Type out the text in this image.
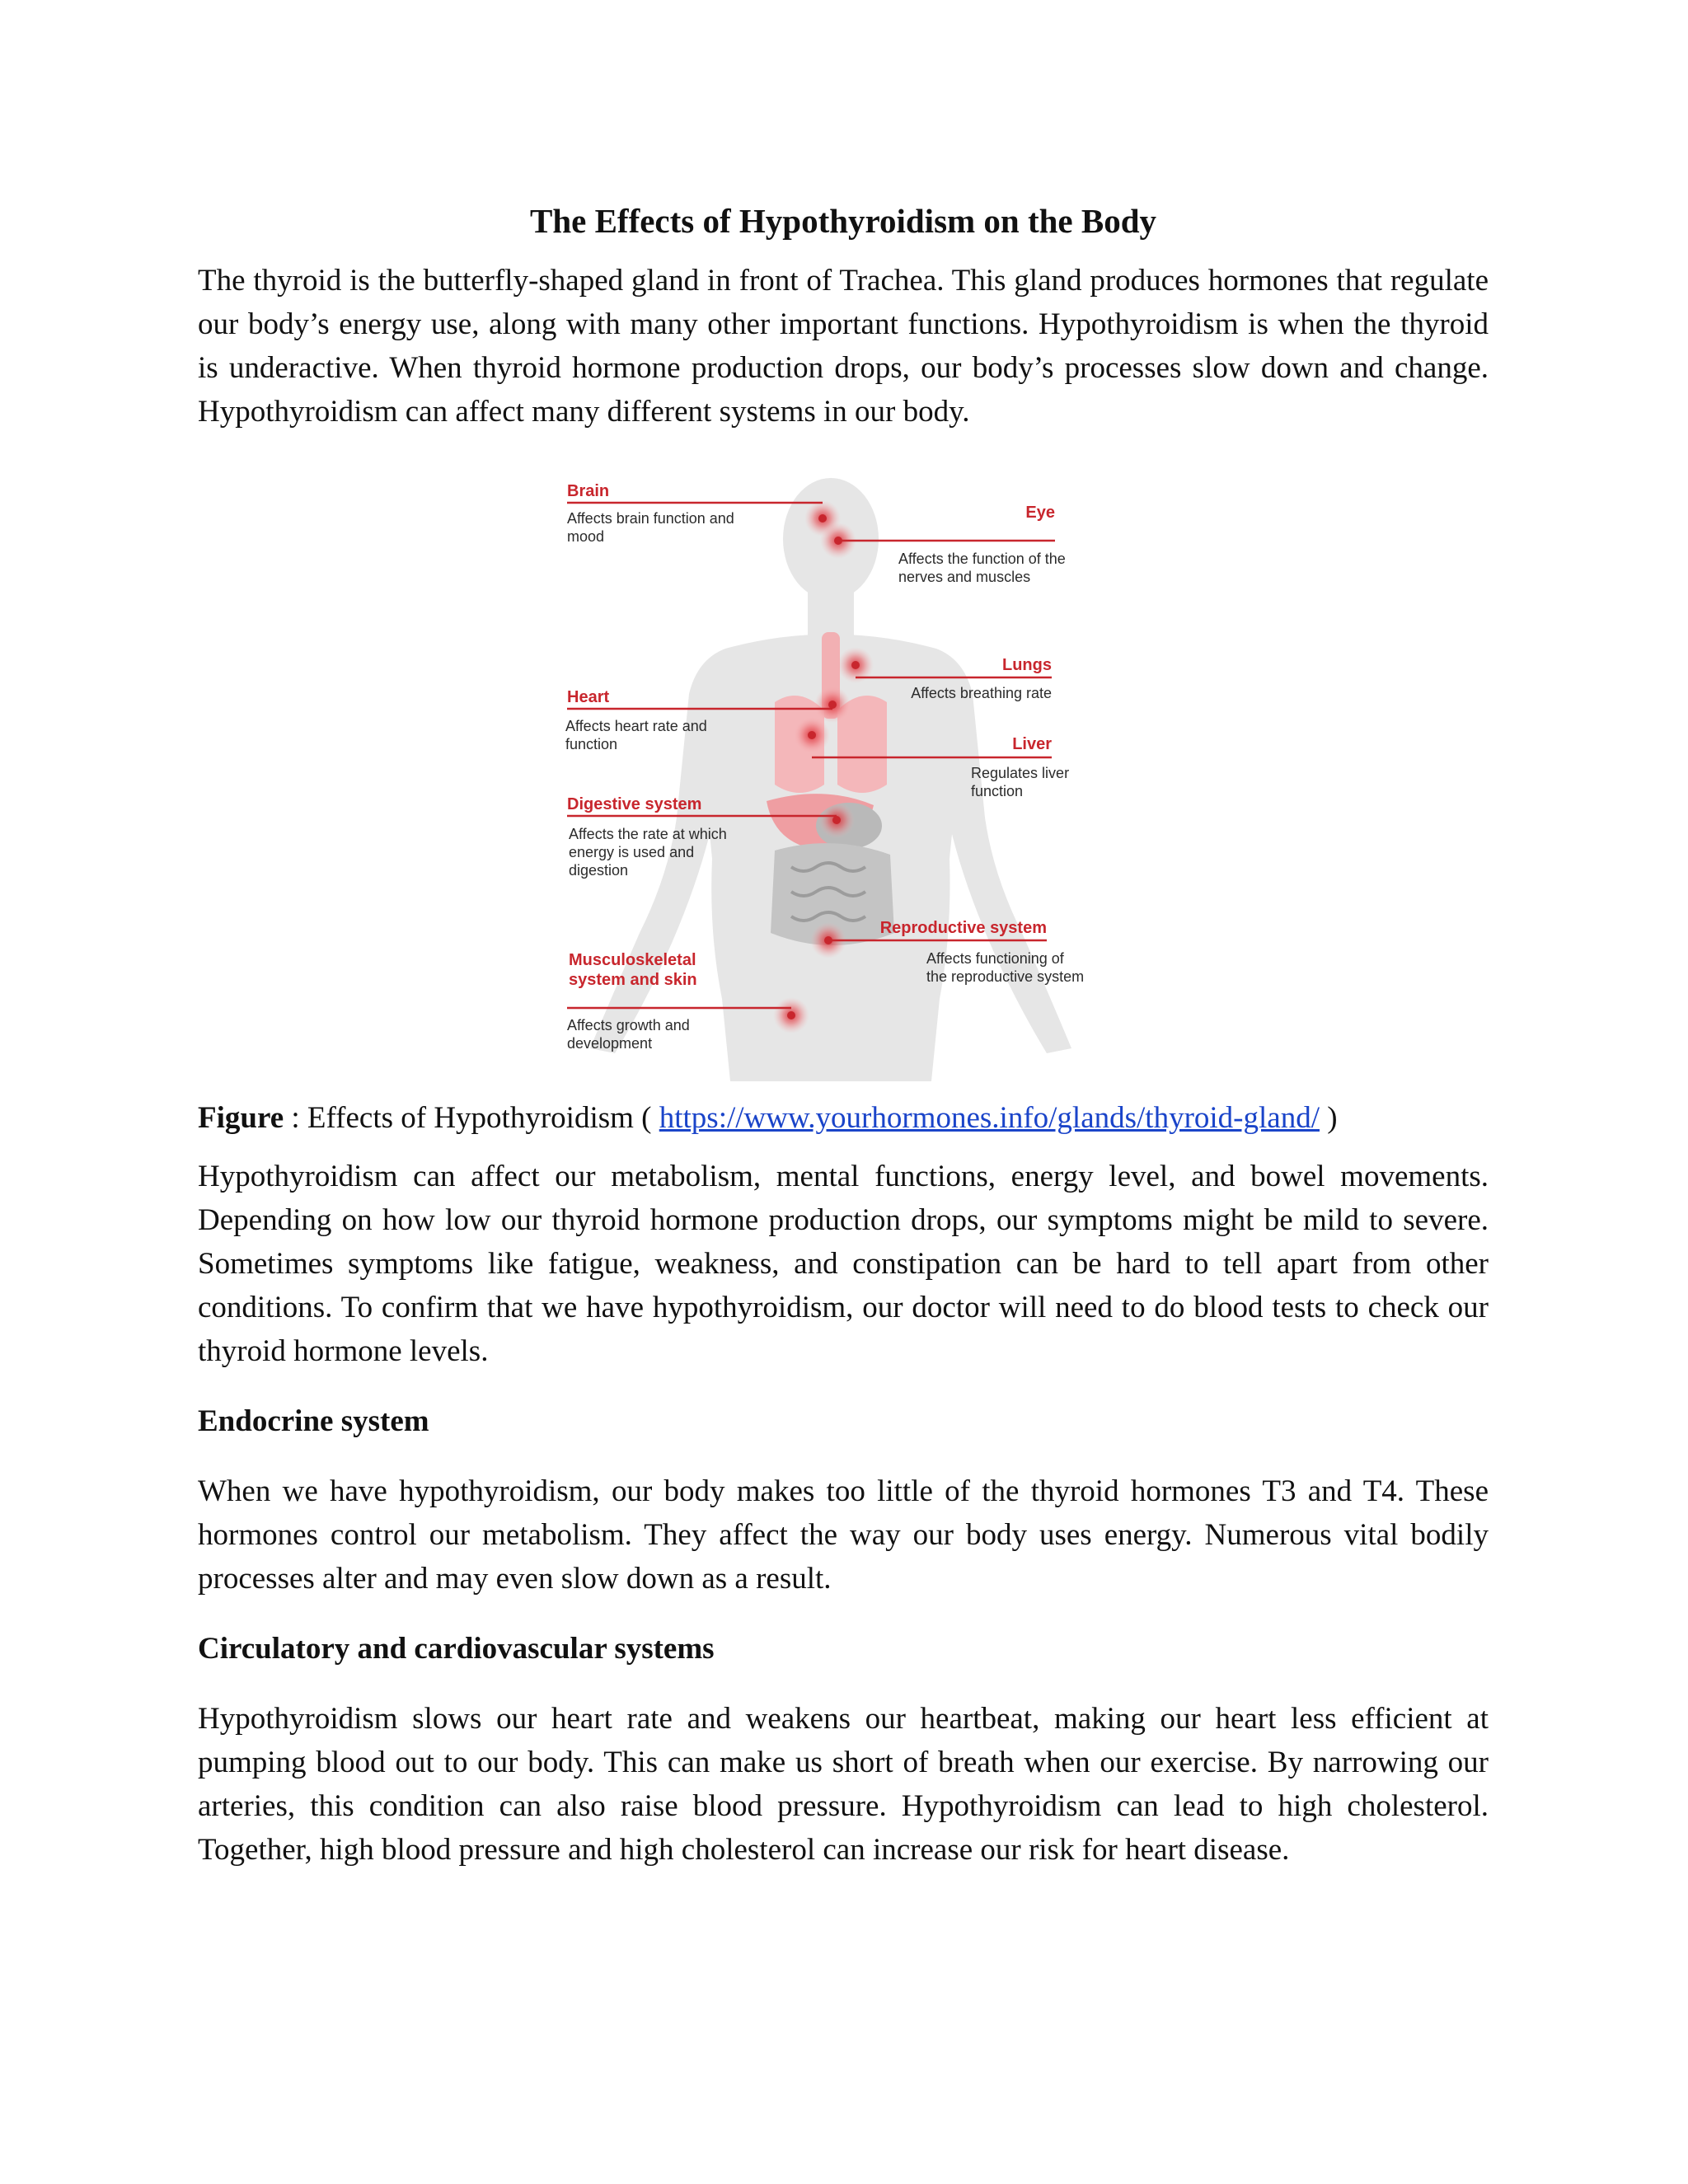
The Effects of Hypothyroidism on the Body

The thyroid is the butterfly-shaped gland in front of Trachea. This gland produces hormones that regulate our body’s energy use, along with many other important functions. Hypothyroidism is when the thyroid is underactive. When thyroid hormone production drops, our body’s processes slow down and change. Hypothyroidism can affect many different systems in our body.

Brain
Affects brain function and
mood
Eye
Affects the function of the
nerves and muscles
Lungs
Affects breathing rate
Heart
Affects heart rate and
function	Liver
Regulates liver
function
Digestive system
Affects the rate at which
energy is used and
digestion
Reproductive system
Affects functioning of
the reproductive system
Musculoskeletal
system and skin
Affects growth and
development

Figure : Effects of Hypothyroidism ( https://www.yourhormones.info/glands/thyroid-gland/ )

Hypothyroidism can affect our metabolism, mental functions, energy level, and bowel movements. Depending on how low our thyroid hormone production drops, our symptoms might be mild to severe. Sometimes symptoms like fatigue, weakness, and constipation can be hard to tell apart from other conditions. To confirm that we have hypothyroidism, our doctor will need to do blood tests to check our thyroid hormone levels.

Endocrine system

When we have hypothyroidism, our body makes too little of the thyroid hormones T3 and T4. These hormones control our metabolism. They affect the way our body uses energy. Numerous vital bodily processes alter and may even slow down as a result.

Circulatory and cardiovascular systems

Hypothyroidism slows our heart rate and weakens our heartbeat, making our heart less efficient at pumping blood out to our body. This can make us short of breath when our exercise. By narrowing our arteries, this condition can also raise blood pressure. Hypothyroidism can lead to high cholesterol. Together, high blood pressure and high cholesterol can increase our risk for heart disease.
